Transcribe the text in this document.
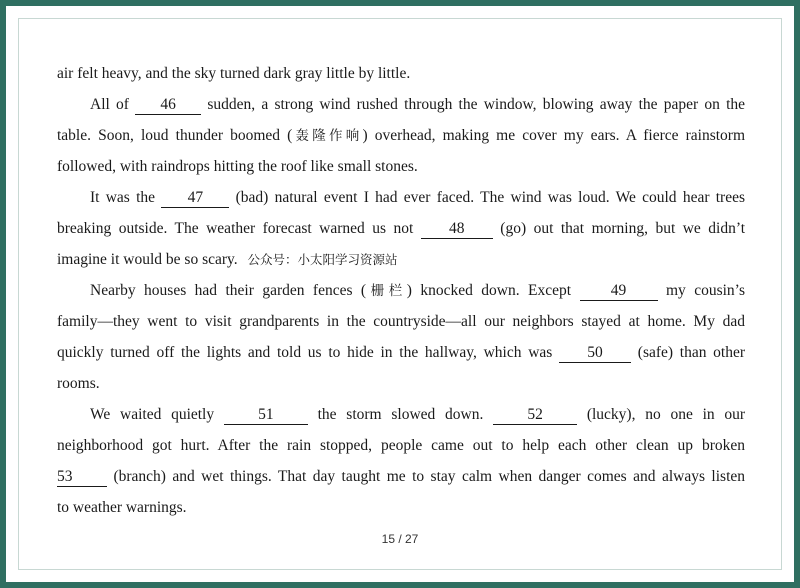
air felt heavy, and the sky turned dark gray little by little.
All of 46 sudden, a strong wind rushed through the window, blowing away the paper on the
table. Soon, loud thunder boomed (轰隆作响) overhead, making me cover my ears. A fierce rainstorm
followed, with raindrops hitting the roof like small stones.
It was the 47 (bad) natural event I had ever faced. The wind was loud. We could hear trees
breaking outside. The weather forecast warned us not 48 (go) out that morning, but we didn’t
imagine it would be so scary. 公众号：小太阳学习资源站
Nearby houses had their garden fences (栅栏) knocked down. Except	49	my cousin’s
family—they went to visit grandparents in the countryside—all our neighbors stayed at home. My dad
quickly turned off the lights and told us to hide in the hallway, which was 50 (safe) than other
rooms.
We waited quietly	51	the storm slowed down.	52	(lucky), no one in our
neighborhood got hurt. After the rain stopped, people came out to help each other clean up broken
53	(branch) and wet things. That day taught me to stay calm when danger comes and always listen
to weather warnings.
15 / 27
